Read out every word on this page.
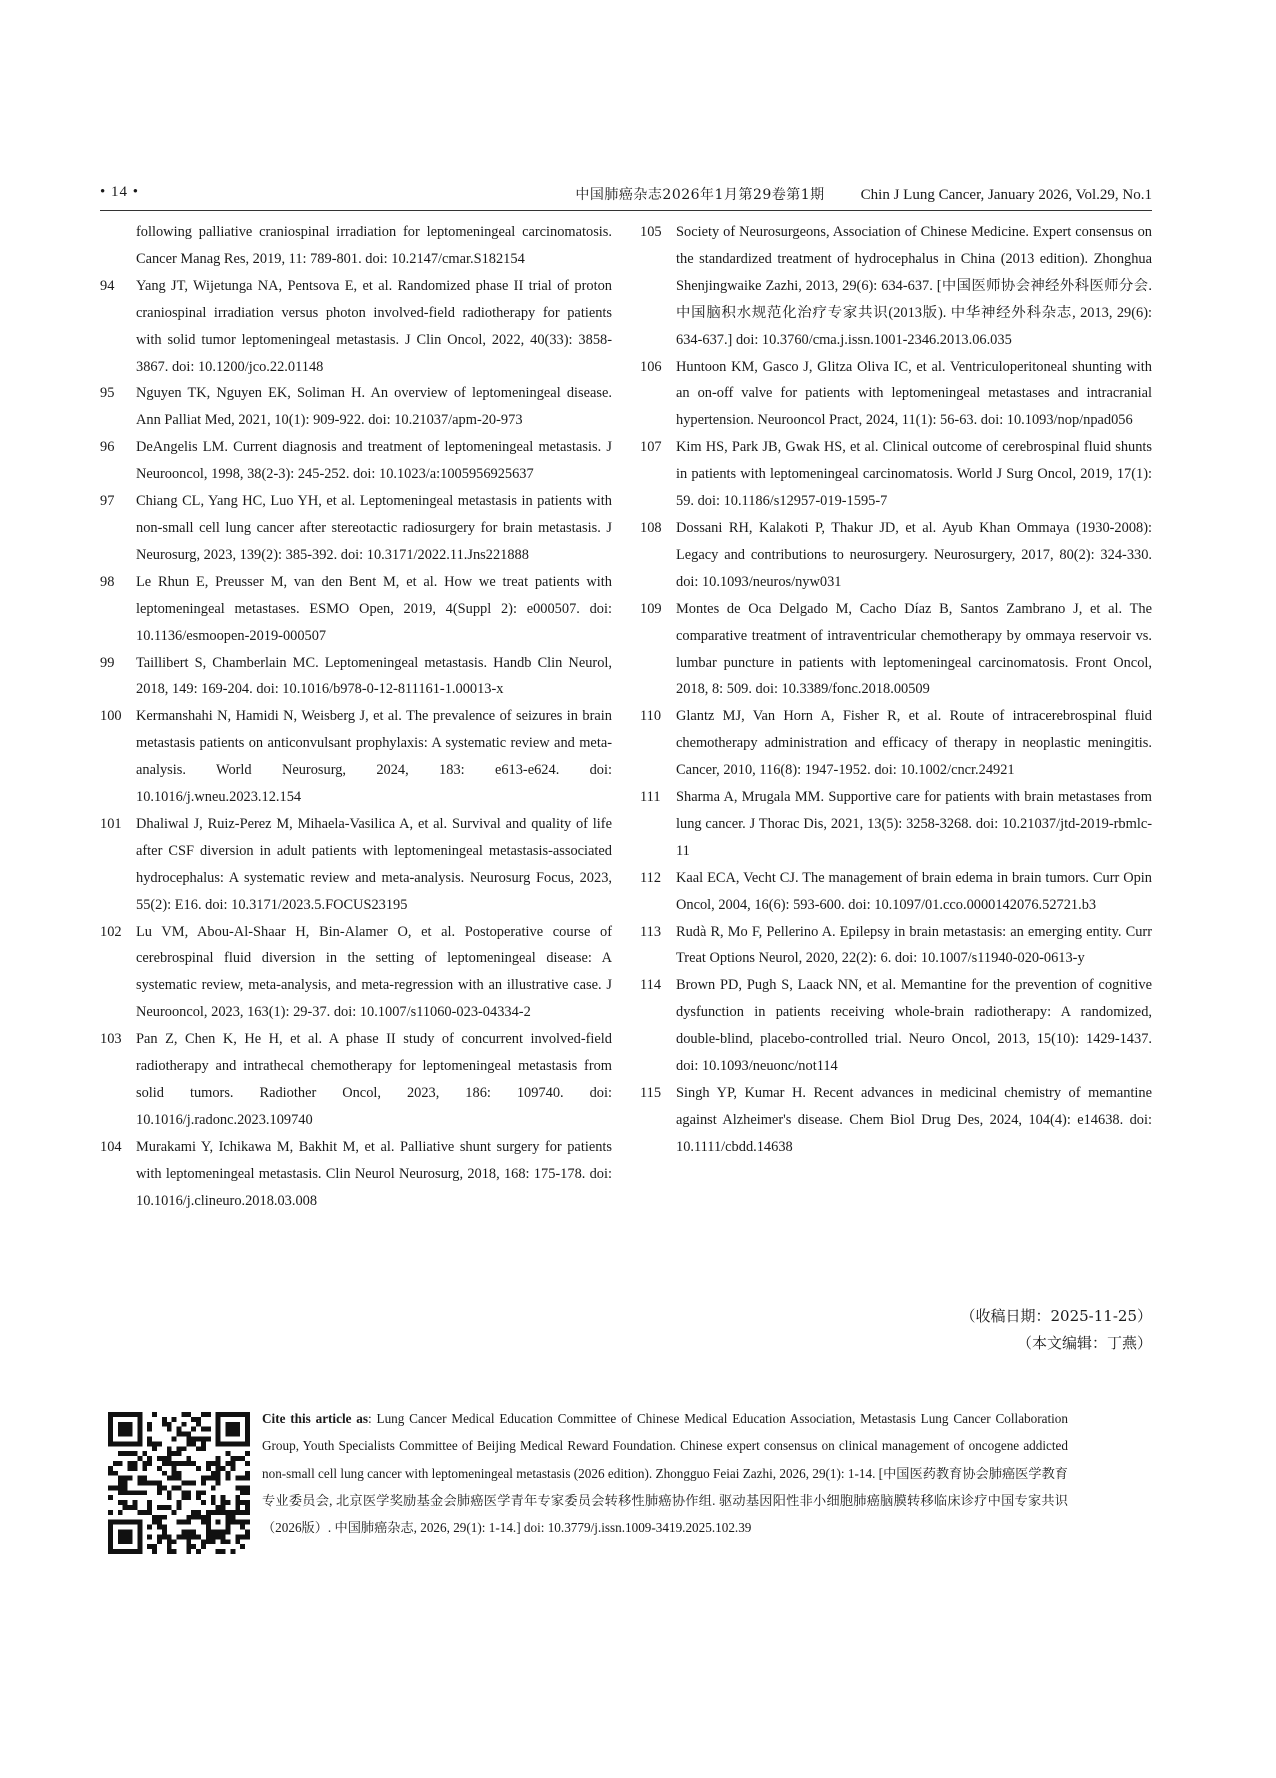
• 14 •	中国肺癌杂志2026年1月第29卷第1期 Chin J Lung Cancer, January 2026, Vol.29, No.1
following palliative craniospinal irradiation for leptomeningeal carcinomatosis. Cancer Manag Res, 2019, 11: 789-801. doi: 10.2147/cmar.S182154
94 Yang JT, Wijetunga NA, Pentsova E, et al. Randomized phase II trial of proton craniospinal irradiation versus photon involved-field radiotherapy for patients with solid tumor leptomeningeal metastasis. J Clin Oncol, 2022, 40(33): 3858-3867. doi: 10.1200/jco.22.01148
95 Nguyen TK, Nguyen EK, Soliman H. An overview of leptomeningeal disease. Ann Palliat Med, 2021, 10(1): 909-922. doi: 10.21037/apm-20-973
96 DeAngelis LM. Current diagnosis and treatment of leptomeningeal metastasis. J Neurooncol, 1998, 38(2-3): 245-252. doi: 10.1023/a:1005956925637
97 Chiang CL, Yang HC, Luo YH, et al. Leptomeningeal metastasis in patients with non-small cell lung cancer after stereotactic radiosurgery for brain metastasis. J Neurosurg, 2023, 139(2): 385-392. doi: 10.3171/2022.11.Jns221888
98 Le Rhun E, Preusser M, van den Bent M, et al. How we treat patients with leptomeningeal metastases. ESMO Open, 2019, 4(Suppl 2): e000507. doi: 10.1136/esmoopen-2019-000507
99 Taillibert S, Chamberlain MC. Leptomeningeal metastasis. Handb Clin Neurol, 2018, 149: 169-204. doi: 10.1016/b978-0-12-811161-1.00013-x
100 Kermanshahi N, Hamidi N, Weisberg J, et al. The prevalence of seizures in brain metastasis patients on anticonvulsant prophylaxis: A systematic review and meta-analysis. World Neurosurg, 2024, 183: e613-e624. doi: 10.1016/j.wneu.2023.12.154
101 Dhaliwal J, Ruiz-Perez M, Mihaela-Vasilica A, et al. Survival and quality of life after CSF diversion in adult patients with leptomeningeal metastasis-associated hydrocephalus: A systematic review and meta-analysis. Neurosurg Focus, 2023, 55(2): E16. doi: 10.3171/2023.5.FOCUS23195
102 Lu VM, Abou-Al-Shaar H, Bin-Alamer O, et al. Postoperative course of cerebrospinal fluid diversion in the setting of leptomeningeal disease: A systematic review, meta-analysis, and meta-regression with an illustrative case. J Neurooncol, 2023, 163(1): 29-37. doi: 10.1007/s11060-023-04334-2
103 Pan Z, Chen K, He H, et al. A phase II study of concurrent involved-field radiotherapy and intrathecal chemotherapy for leptomeningeal metastasis from solid tumors. Radiother Oncol, 2023, 186: 109740. doi: 10.1016/j.radonc.2023.109740
104 Murakami Y, Ichikawa M, Bakhit M, et al. Palliative shunt surgery for patients with leptomeningeal metastasis. Clin Neurol Neurosurg, 2018, 168: 175-178. doi: 10.1016/j.clineuro.2018.03.008
105 Society of Neurosurgeons, Association of Chinese Medicine. Expert consensus on the standardized treatment of hydrocephalus in China (2013 edition). Zhonghua Shenjingwaike Zazhi, 2013, 29(6): 634-637. [中国医师协会神经外科医师分会. 中国脑积水规范化治疗专家共识(2013版). 中华神经外科杂志, 2013, 29(6): 634-637.] doi: 10.3760/cma.j.issn.1001-2346.2013.06.035
106 Huntoon KM, Gasco J, Glitza Oliva IC, et al. Ventriculoperitoneal shunting with an on-off valve for patients with leptomeningeal metastases and intracranial hypertension. Neurooncol Pract, 2024, 11(1): 56-63. doi: 10.1093/nop/npad056
107 Kim HS, Park JB, Gwak HS, et al. Clinical outcome of cerebrospinal fluid shunts in patients with leptomeningeal carcinomatosis. World J Surg Oncol, 2019, 17(1): 59. doi: 10.1186/s12957-019-1595-7
108 Dossani RH, Kalakoti P, Thakur JD, et al. Ayub Khan Ommaya (1930-2008): Legacy and contributions to neurosurgery. Neurosurgery, 2017, 80(2): 324-330. doi: 10.1093/neuros/nyw031
109 Montes de Oca Delgado M, Cacho Díaz B, Santos Zambrano J, et al. The comparative treatment of intraventricular chemotherapy by ommaya reservoir vs. lumbar puncture in patients with leptomeningeal carcinomatosis. Front Oncol, 2018, 8: 509. doi: 10.3389/fonc.2018.00509
110 Glantz MJ, Van Horn A, Fisher R, et al. Route of intracerebrospinal fluid chemotherapy administration and efficacy of therapy in neoplastic meningitis. Cancer, 2010, 116(8): 1947-1952. doi: 10.1002/cncr.24921
111 Sharma A, Mrugala MM. Supportive care for patients with brain metastases from lung cancer. J Thorac Dis, 2021, 13(5): 3258-3268. doi: 10.21037/jtd-2019-rbmlc-11
112 Kaal ECA, Vecht CJ. The management of brain edema in brain tumors. Curr Opin Oncol, 2004, 16(6): 593-600. doi: 10.1097/01.cco.0000142076.52721.b3
113 Rudà R, Mo F, Pellerino A. Epilepsy in brain metastasis: an emerging entity. Curr Treat Options Neurol, 2020, 22(2): 6. doi: 10.1007/s11940-020-0613-y
114 Brown PD, Pugh S, Laack NN, et al. Memantine for the prevention of cognitive dysfunction in patients receiving whole-brain radiotherapy: A randomized, double-blind, placebo-controlled trial. Neuro Oncol, 2013, 15(10): 1429-1437. doi: 10.1093/neuonc/not114
115 Singh YP, Kumar H. Recent advances in medicinal chemistry of memantine against Alzheimer's disease. Chem Biol Drug Des, 2024, 104(4): e14638. doi: 10.1111/cbdd.14638
（收稿日期：2025-11-25）
（本文编辑：丁燕）
Cite this article as: Lung Cancer Medical Education Committee of Chinese Medical Education Association, Metastasis Lung Cancer Collaboration Group, Youth Specialists Committee of Beijing Medical Reward Foundation. Chinese expert consensus on clinical management of oncogene addicted non-small cell lung cancer with leptomeningeal metastasis (2026 edition). Zhongguo Feiai Zazhi, 2026, 29(1): 1-14. [中国医药教育协会肺癌医学教育专业委员会, 北京医学奖励基金会肺癌医学青年专家委员会转移性肺癌协作组. 驱动基因阳性非小细胞肺癌脑膜转移临床诊疗中国专家共识（2026版）. 中国肺癌杂志, 2026, 29(1): 1-14.] doi: 10.3779/j.issn.1009-3419.2025.102.39
